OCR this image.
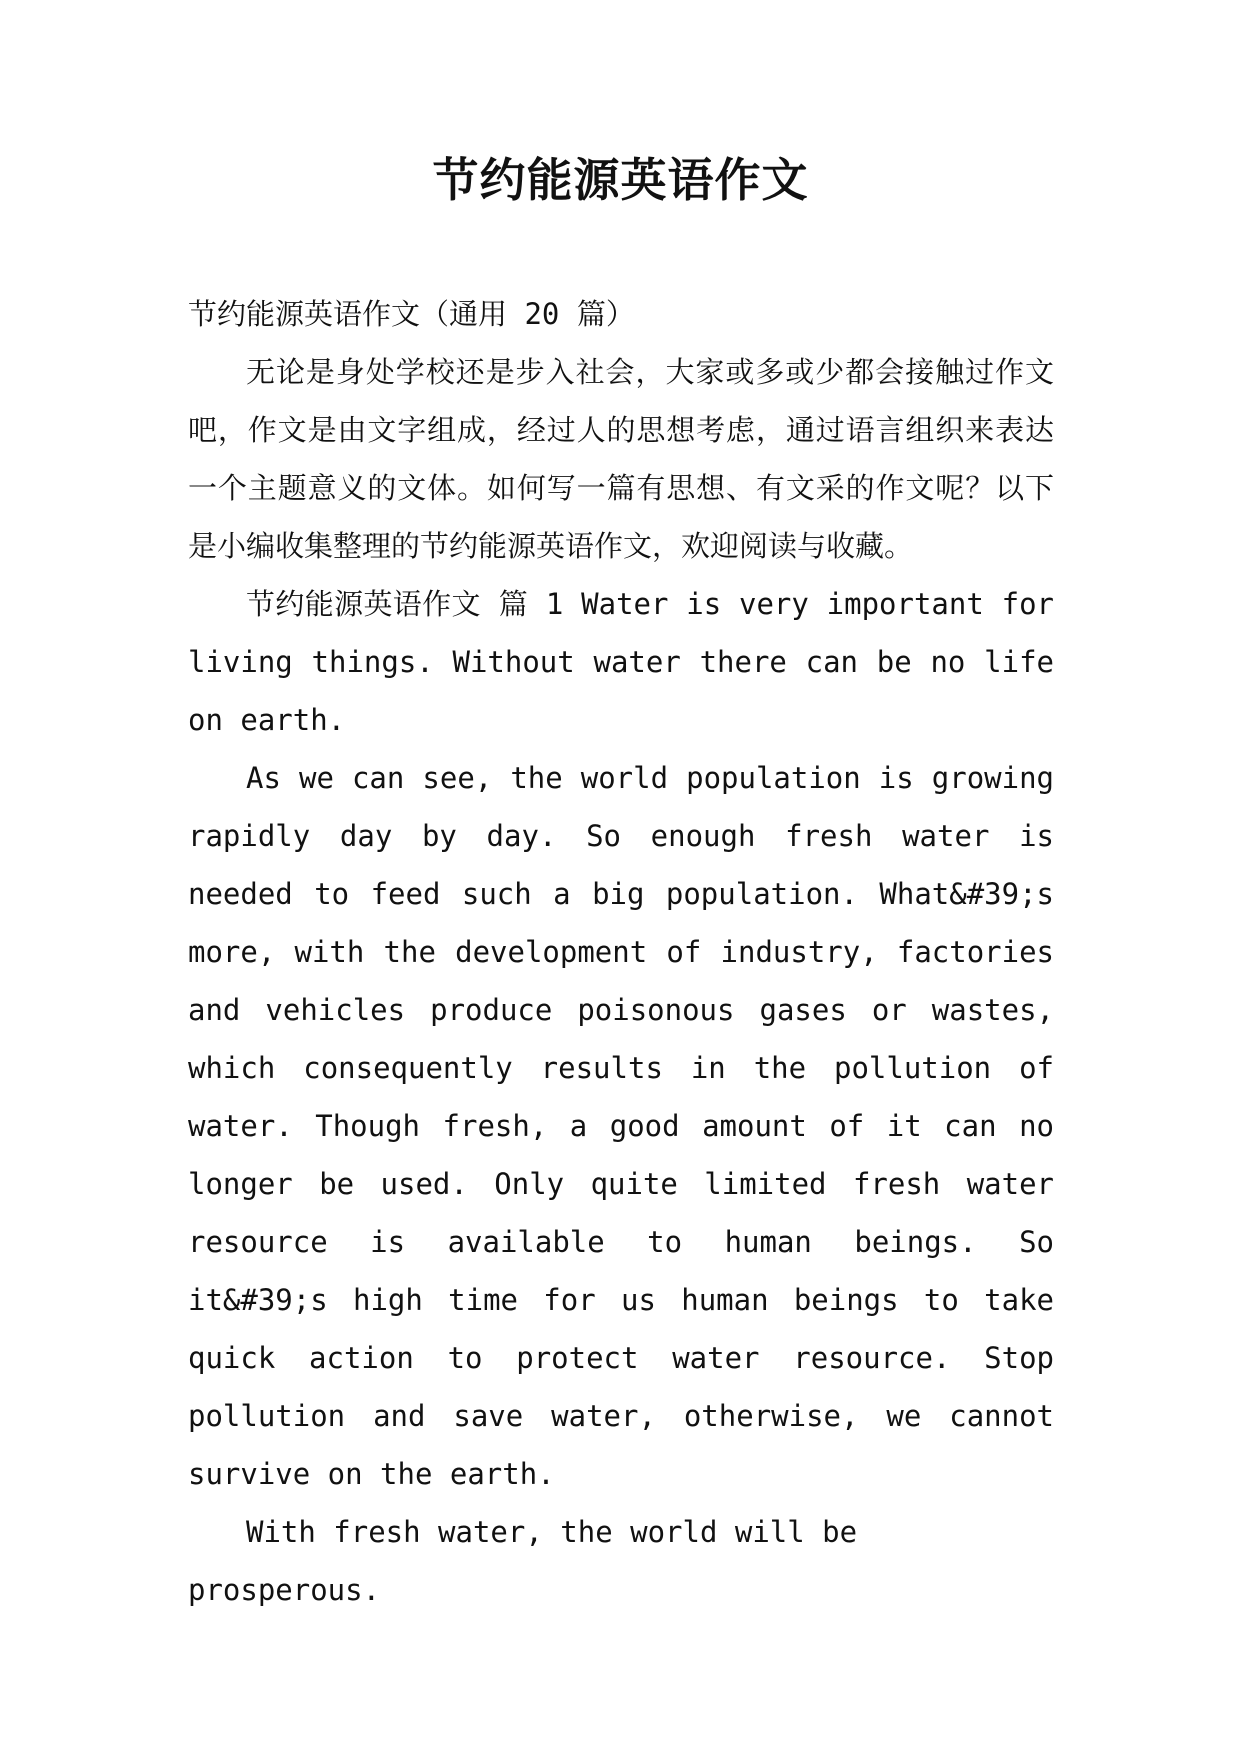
节约能源英语作文

节约能源英语作文（通用 20 篇）

无论是身处学校还是步入社会，大家或多或少都会接触过作文吧，作文是由文字组成，经过人的思想考虑，通过语言组织来表达一个主题意义的文体。如何写一篇有思想、有文采的作文呢？以下是小编收集整理的节约能源英语作文，欢迎阅读与收藏。

节约能源英语作文 篇 1 Water is very important for living things. Without water there can be no life on earth.

As we can see, the world population is growing rapidly day by day. So enough fresh water is needed to feed such a big population. What&#39;s more, with the development of industry, factories and vehicles produce poisonous gases or wastes, which consequently results in the pollution of water. Though fresh, a good amount of it can no longer be used. Only quite limited fresh water resource is available to human beings. So it&#39;s high time for us human beings to take quick action to protect water resource. Stop pollution and save water, otherwise, we cannot survive on the earth.

With fresh water, the world will be prosperous.
